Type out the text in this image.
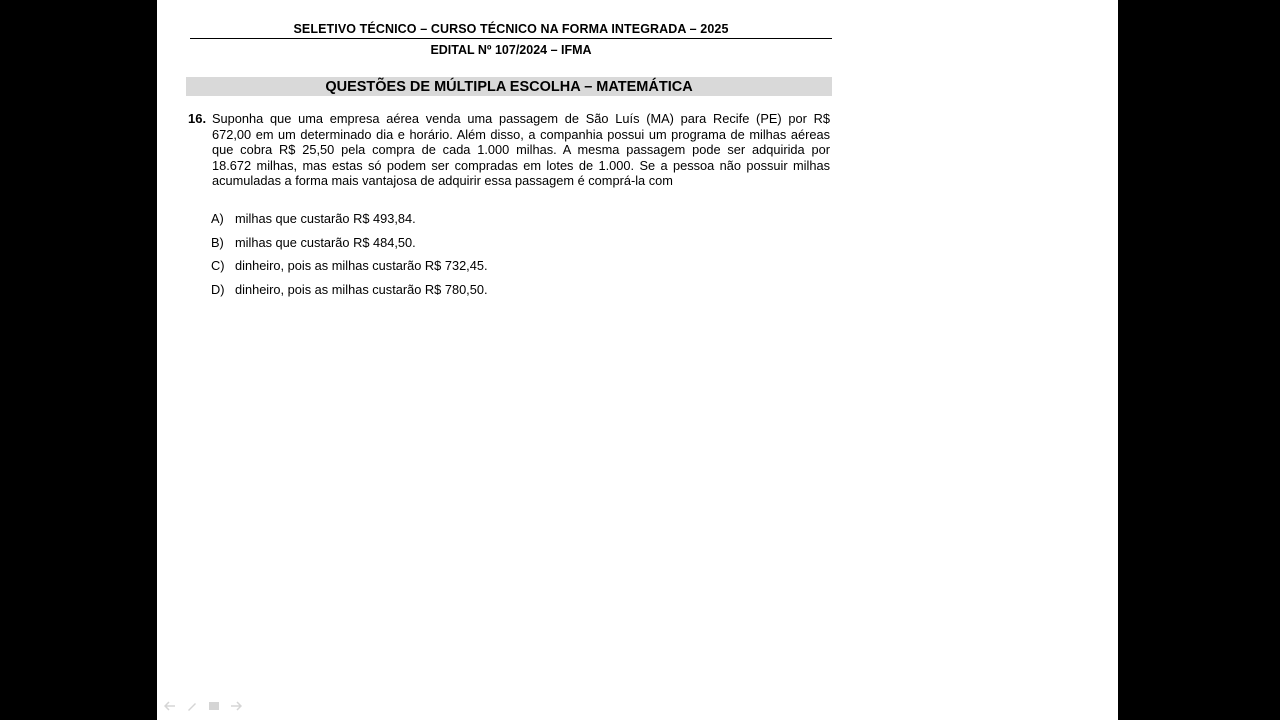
SELETIVO TÉCNICO – CURSO TÉCNICO NA FORMA INTEGRADA – 2025
EDITAL Nº 107/2024 – IFMA
QUESTÕES DE MÚLTIPLA ESCOLHA – MATEMÁTICA
16. Suponha que uma empresa aérea venda uma passagem de São Luís (MA) para Recife (PE) por R$
672,00 em um determinado dia e horário. Além disso, a companhia possui um programa de milhas aéreas
que cobra R$ 25,50 pela compra de cada 1.000 milhas. A mesma passagem pode ser adquirida por
18.672 milhas, mas estas só podem ser compradas em lotes de 1.000. Se a pessoa não possuir milhas
acumuladas a forma mais vantajosa de adquirir essa passagem é comprá-la com
A) milhas que custarão R$ 493,84.
B) milhas que custarão R$ 484,50.
C) dinheiro, pois as milhas custarão R$ 732,45.
D) dinheiro, pois as milhas custarão R$ 780,50.
